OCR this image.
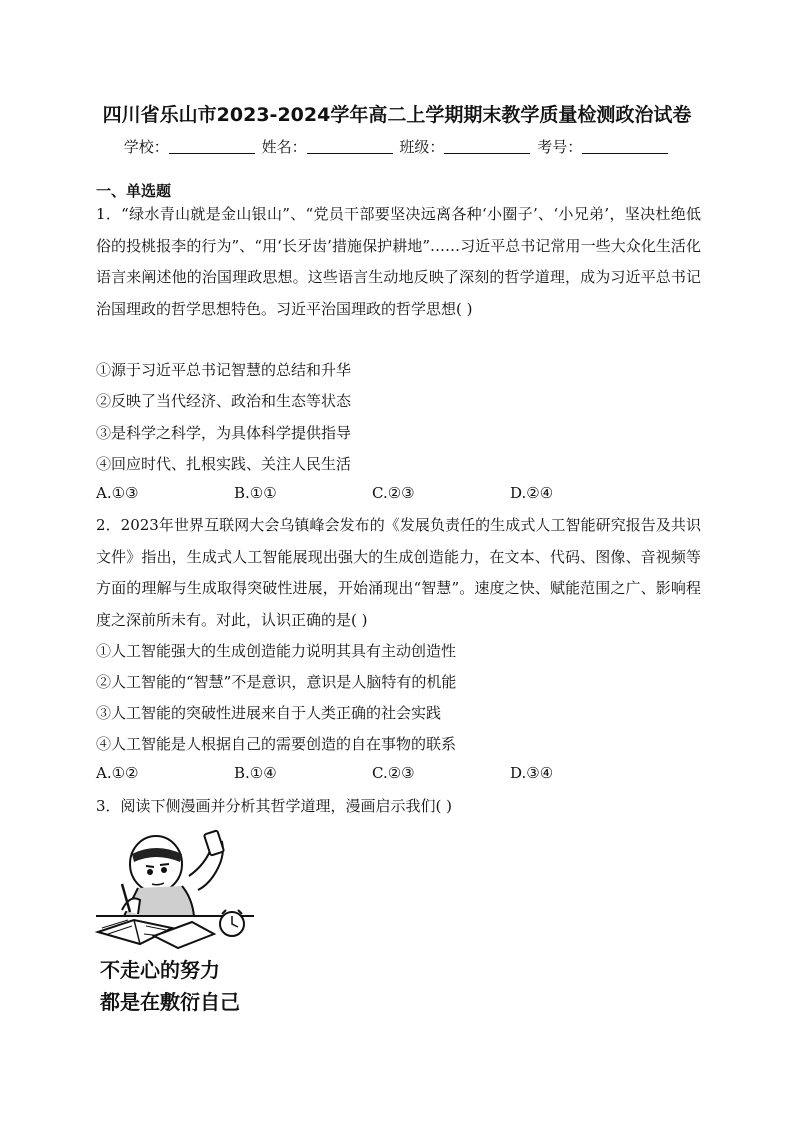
四川省乐山市2023-2024学年高二上学期期末教学质量检测政治试卷
学校：	姓名：	班级：	考号：
一、单选题
1．“绿水青山就是金山银山”、“党员干部要坚决远离各种‘小圈子’、‘小兄弟’，坚决杜绝低俗的投桃报李的行为”、“用‘长牙齿’措施保护耕地”……习近平总书记常用一些大众化生活化语言来阐述他的治国理政思想。这些语言生动地反映了深刻的哲学道理，成为习近平总书记治国理政的哲学思想特色。习近平治国理政的哲学思想( )
①源于习近平总书记智慧的总结和升华
②反映了当代经济、政治和生态等状态
③是科学之科学，为具体科学提供指导
④回应时代、扎根实践、关注人民生活
A.①③	B.①①	C.②③	D.②④
2．2023年世界互联网大会乌镇峰会发布的《发展负责任的生成式人工智能研究报告及共识文件》指出，生成式人工智能展现出强大的生成创造能力，在文本、代码、图像、音视频等方面的理解与生成取得突破性进展，开始涌现出“智慧”。速度之快、赋能范围之广、影响程度之深前所未有。对此，认识正确的是( )
①人工智能强大的生成创造能力说明其具有主动创造性
②人工智能的“智慧”不是意识，意识是人脑特有的机能
③人工智能的突破性进展来自于人类正确的社会实践
④人工智能是人根据自己的需要创造的自在事物的联系
A.①②	B.①④	C.②③	D.③④
3．阅读下侧漫画并分析其哲学道理，漫画启示我们( )
不走心的努力
都是在敷衍自己
